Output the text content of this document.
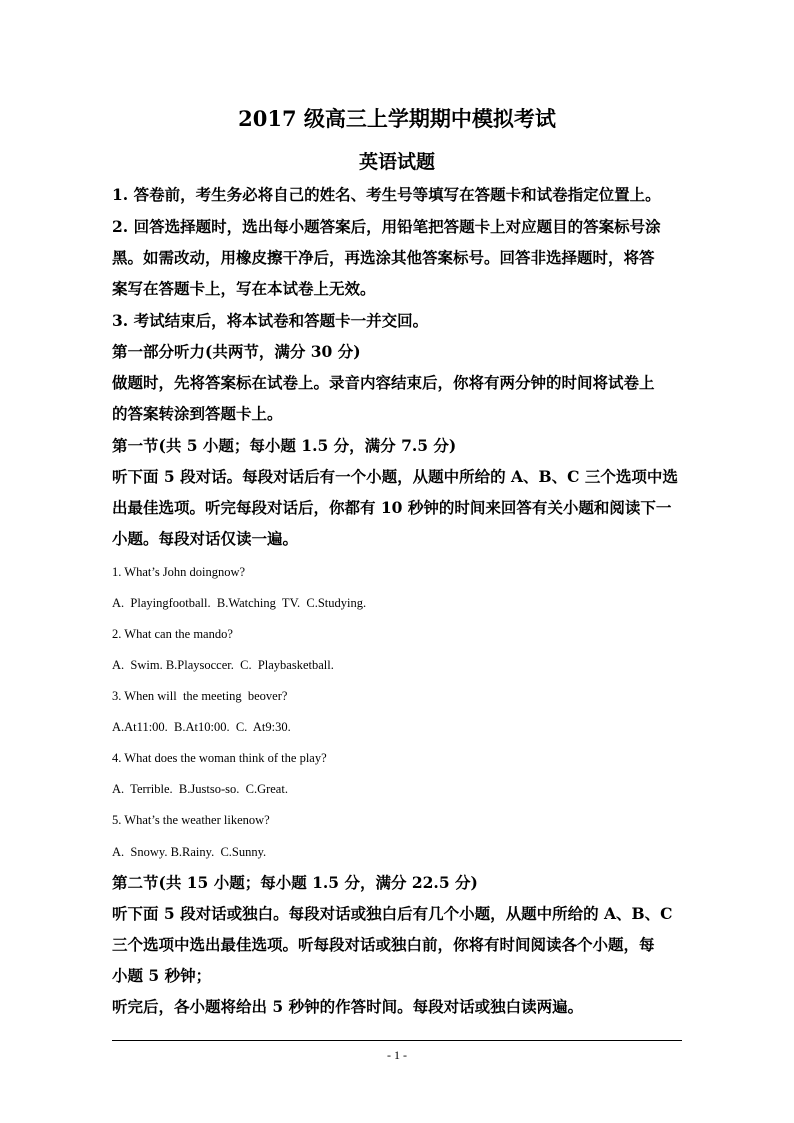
2017 级高三上学期期中模拟考试
英语试题
1. 答卷前，考生务必将自己的姓名、考生号等填写在答题卡和试卷指定位置上。
2. 回答选择题时，选出每小题答案后，用铅笔把答题卡上对应题目的答案标号涂
黑。如需改动，用橡皮擦干净后，再选涂其他答案标号。回答非选择题时，将答
案写在答题卡上，写在本试卷上无效。
3. 考试结束后，将本试卷和答题卡一并交回。
第一部分听力(共两节，满分 30 分)
做题时，先将答案标在试卷上。录音内容结束后，你将有两分钟的时间将试卷上
的答案转涂到答题卡上。
第一节(共 5 小题；每小题 1.5 分，满分 7.5 分)
听下面 5 段对话。每段对话后有一个小题，从题中所给的 A、B、C 三个选项中选
出最佳选项。听完每段对话后，你都有 10 秒钟的时间来回答有关小题和阅读下一
小题。每段对话仅读一遍。
1. What’s John doingnow?
A.  Playingfootball.  B.Watching  TV.  C.Studying.
2. What can the mando?
A.  Swim. B.Playsoccer.  C.  Playbasketball.
3. When will  the meeting  beover?
A.At11:00.  B.At10:00.  C.  At9:30.
4. What does the woman think of the play?
A.  Terrible.  B.Justso-so.  C.Great.
5. What’s the weather likenow?
A.  Snowy. B.Rainy.  C.Sunny.
第二节(共 15 小题；每小题 1.5 分，满分 22.5 分)
听下面 5 段对话或独白。每段对话或独白后有几个小题，从题中所给的 A、B、C
三个选项中选出最佳选项。听每段对话或独白前，你将有时间阅读各个小题，每
小题 5 秒钟；
听完后，各小题将给出 5 秒钟的作答时间。每段对话或独白读两遍。
- 1 -
